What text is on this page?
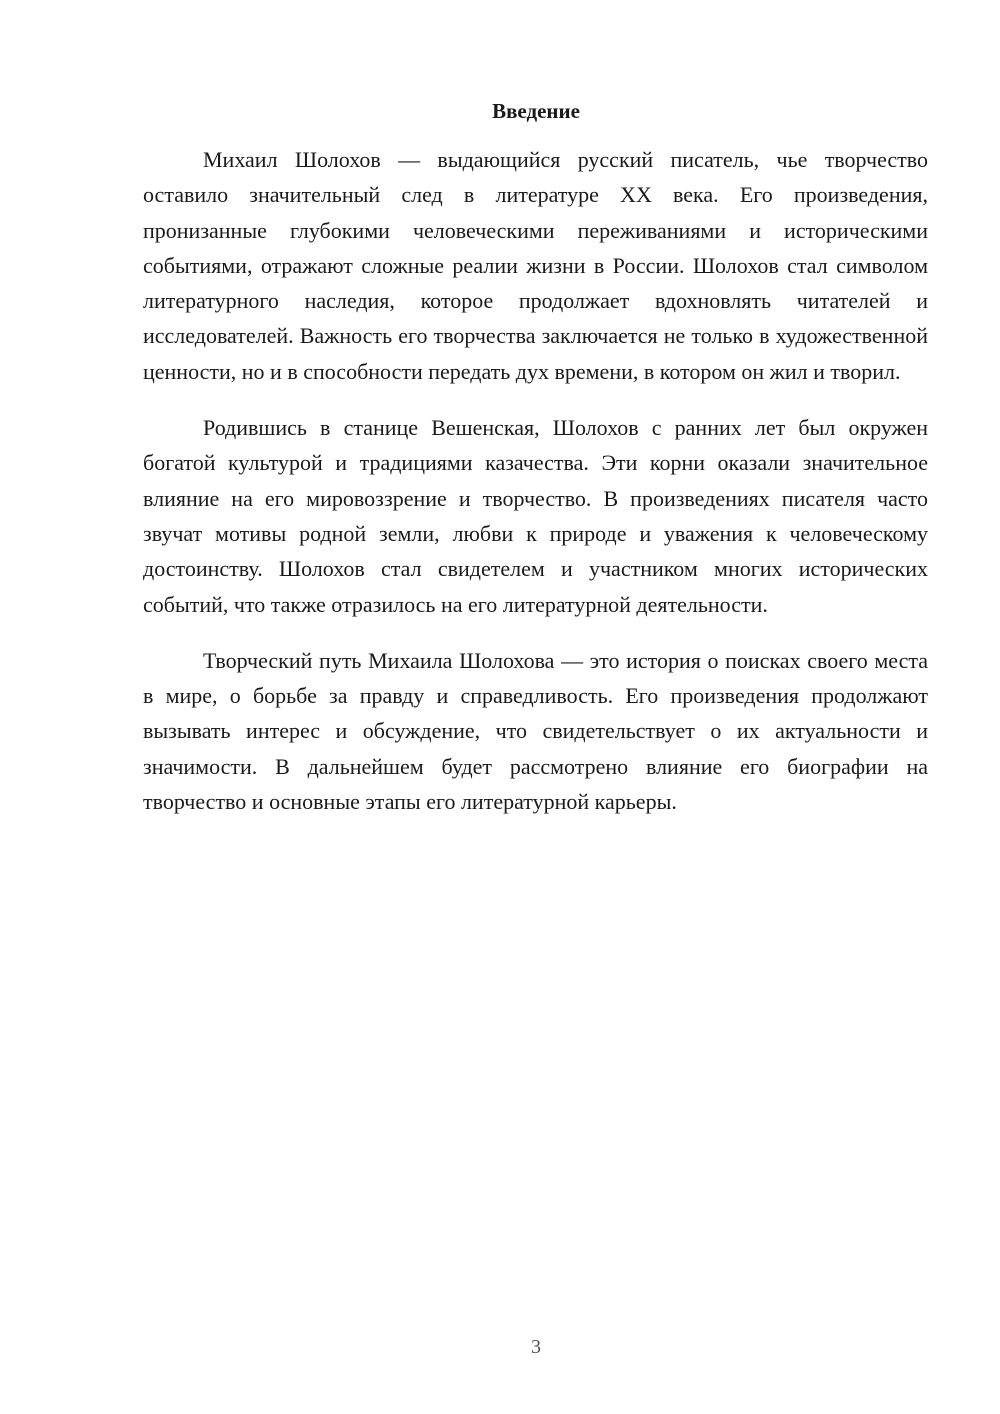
Введение

Михаил Шолохов — выдающийся русский писатель, чье творчество оставило значительный след в литературе XX века. Его произведения, пронизанные глубокими человеческими переживаниями и историческими событиями, отражают сложные реалии жизни в России. Шолохов стал символом литературного наследия, которое продолжает вдохновлять читателей и исследователей. Важность его творчества заключается не только в художественной ценности, но и в способности передать дух времени, в котором он жил и творил.

Родившись в станице Вешенская, Шолохов с ранних лет был окружен богатой культурой и традициями казачества. Эти корни оказали значительное влияние на его мировоззрение и творчество. В произведениях писателя часто звучат мотивы родной земли, любви к природе и уважения к человеческому достоинству. Шолохов стал свидетелем и участником многих исторических событий, что также отразилось на его литературной деятельности.

Творческий путь Михаила Шолохова — это история о поисках своего места в мире, о борьбе за правду и справедливость. Его произведения продолжают вызывать интерес и обсуждение, что свидетельствует о их актуальности и значимости. В дальнейшем будет рассмотрено влияние его биографии на творчество и основные этапы его литературной карьеры.

3
